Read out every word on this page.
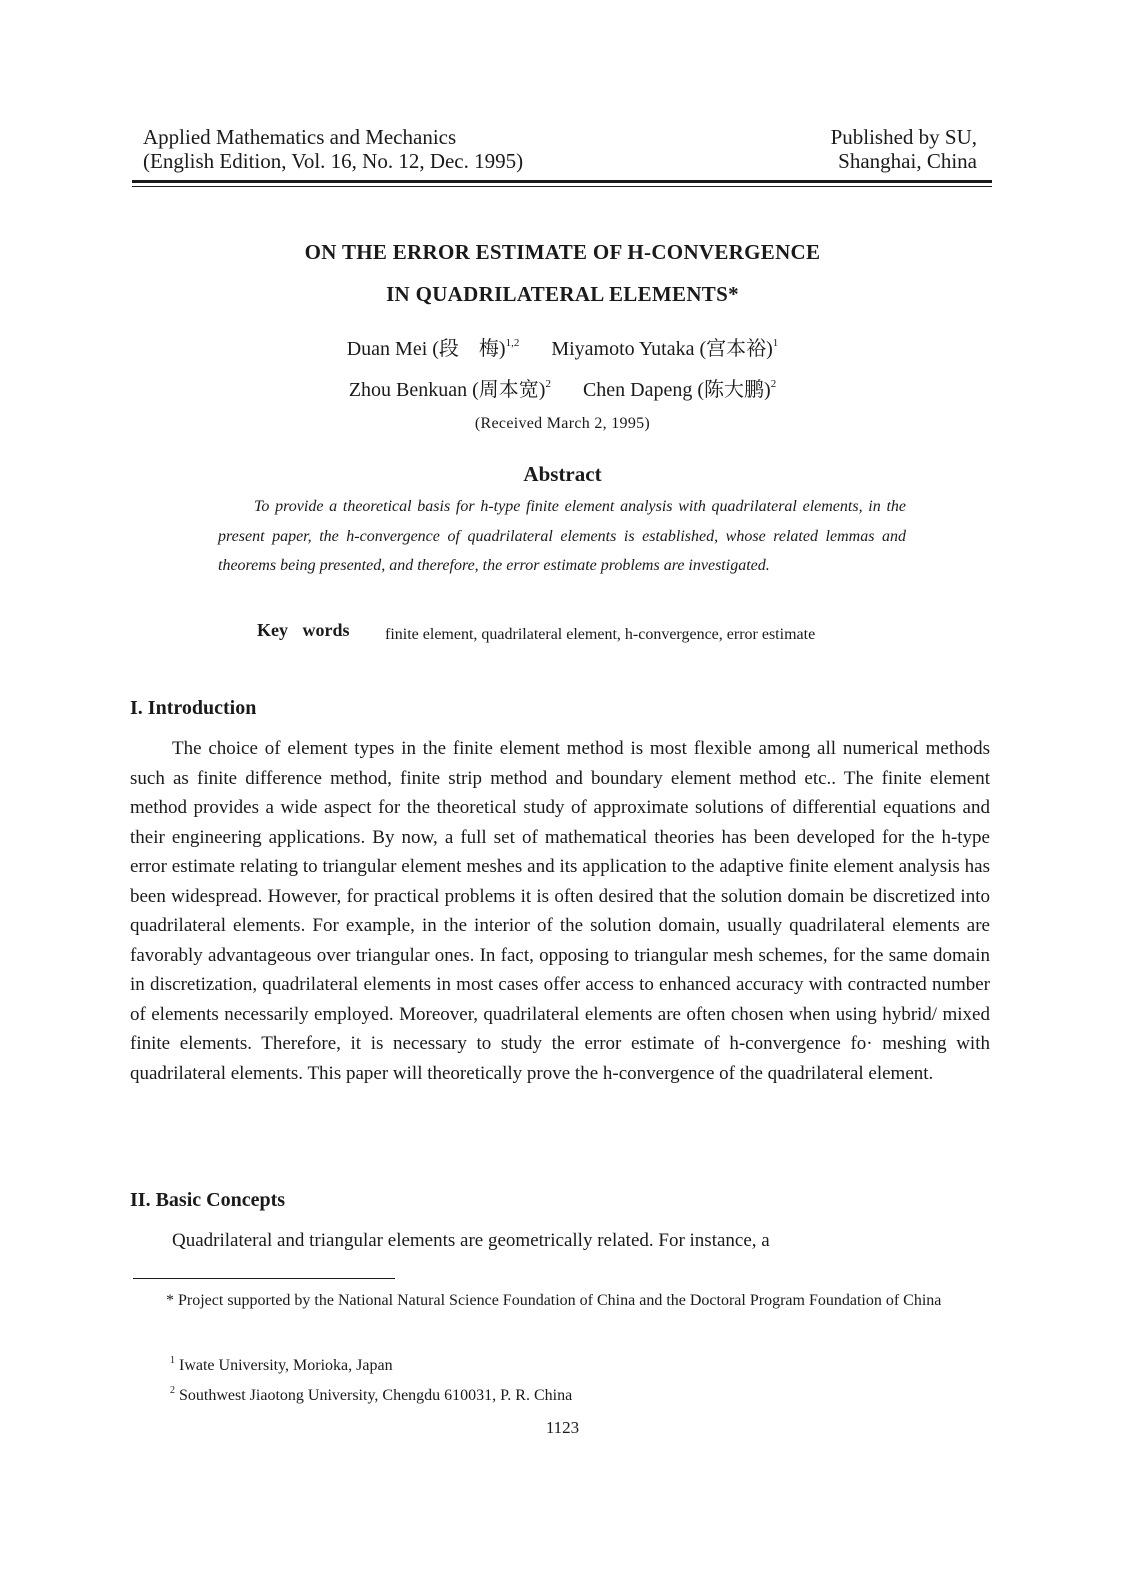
Applied Mathematics and Mechanics
(English Edition, Vol. 16, No. 12, Dec. 1995)
Published by SU,
Shanghai, China
ON THE ERROR ESTIMATE OF H-CONVERGENCE
IN QUADRILATERAL ELEMENTS*
Duan Mei (段　梅)$^{1,2}$ Miyamoto Yutaka (宫本裕)$^1$
Zhou Benkuan (周本宽)$^2$ Chen Dapeng (陈大鹏)$^2$
(Received March 2, 1995)
Abstract

To provide a theoretical basis for h-type finite element analysis with quadrilateral elements, in the present paper, the h-convergence of quadrilateral elements is established, whose related lemmas and theorems being presented, and therefore, the error estimate problems are investigated.

Key words finite element, quadrilateral element, h-convergence, error estimate
I. Introduction

The choice of element types in the finite element method is most flexible among all numerical methods such as finite difference method, finite strip method and boundary element method etc.. The finite element method provides a wide aspect for the theoretical study of approximate solutions of differential equations and their engineering applications. By now, a full set of mathematical theories has been developed for the h-type error estimate relating to triangular element meshes and its application to the adaptive finite element analysis has been widespread. However, for practical problems it is often desired that the solution domain be discretized into quadrilateral elements. For example, in the interior of the solution domain, usually quadrilateral elements are favorably advantageous over triangular ones. In fact, opposing to triangular mesh schemes, for the same domain in discretization, quadrilateral elements in most cases offer access to enhanced accuracy with contracted number of elements necessarily employed. Moreover, quadrilateral elements are often chosen when using hybrid/ mixed finite elements. Therefore, it is necessary to study the error estimate of h-convergence fo· meshing with quadrilateral elements. This paper will theoretically prove the h-convergence of the quadrilateral element.

II. Basic Concepts

Quadrilateral and triangular elements are geometrically related. For instance, a

* Project supported by the National Natural Science Foundation of China and the Doctoral Program Foundation of China
$^1$ Iwate University, Morioka, Japan
$^2$ Southwest Jiaotong University, Chengdu 610031, P. R. China
1123
